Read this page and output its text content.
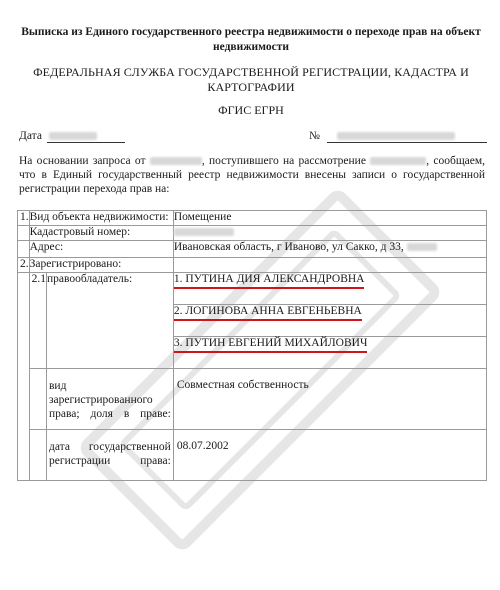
Выписка из Единого государственного реестра недвижимости о переходе прав на объект недвижимости
ФЕДЕРАЛЬНАЯ СЛУЖБА ГОСУДАРСТВЕННОЙ РЕГИСТРАЦИИ, КАДАСТРА И КАРТОГРАФИИ
ФГИС ЕГРН
Дата	№
На основании запроса от	, поступившего на рассмотрение	, сообщаем, что в Единый государственный реестр недвижимости внесены записи о государственной регистрации перехода прав на:
1.	Вид объекта недвижимости:		Помещение
	Кадастровый номер:		
	Адрес:		Ивановская область, г Иваново, ул Сакко, д 33,
2.	Зарегистрировано:		
	2.1	правообладатель:	1. ПУТИНА ДИЯ АЛЕКСАНДРОВНА
			2. ЛОГИНОВА АННА ЕВГЕНЬЕВНА
			3. ПУТИН ЕВГЕНИЙ МИХАЙЛОВИЧ

		вид зарегистрированного права; доля в праве:	Совместная собственность

		дата государственной регистрации права:	08.07.2002
